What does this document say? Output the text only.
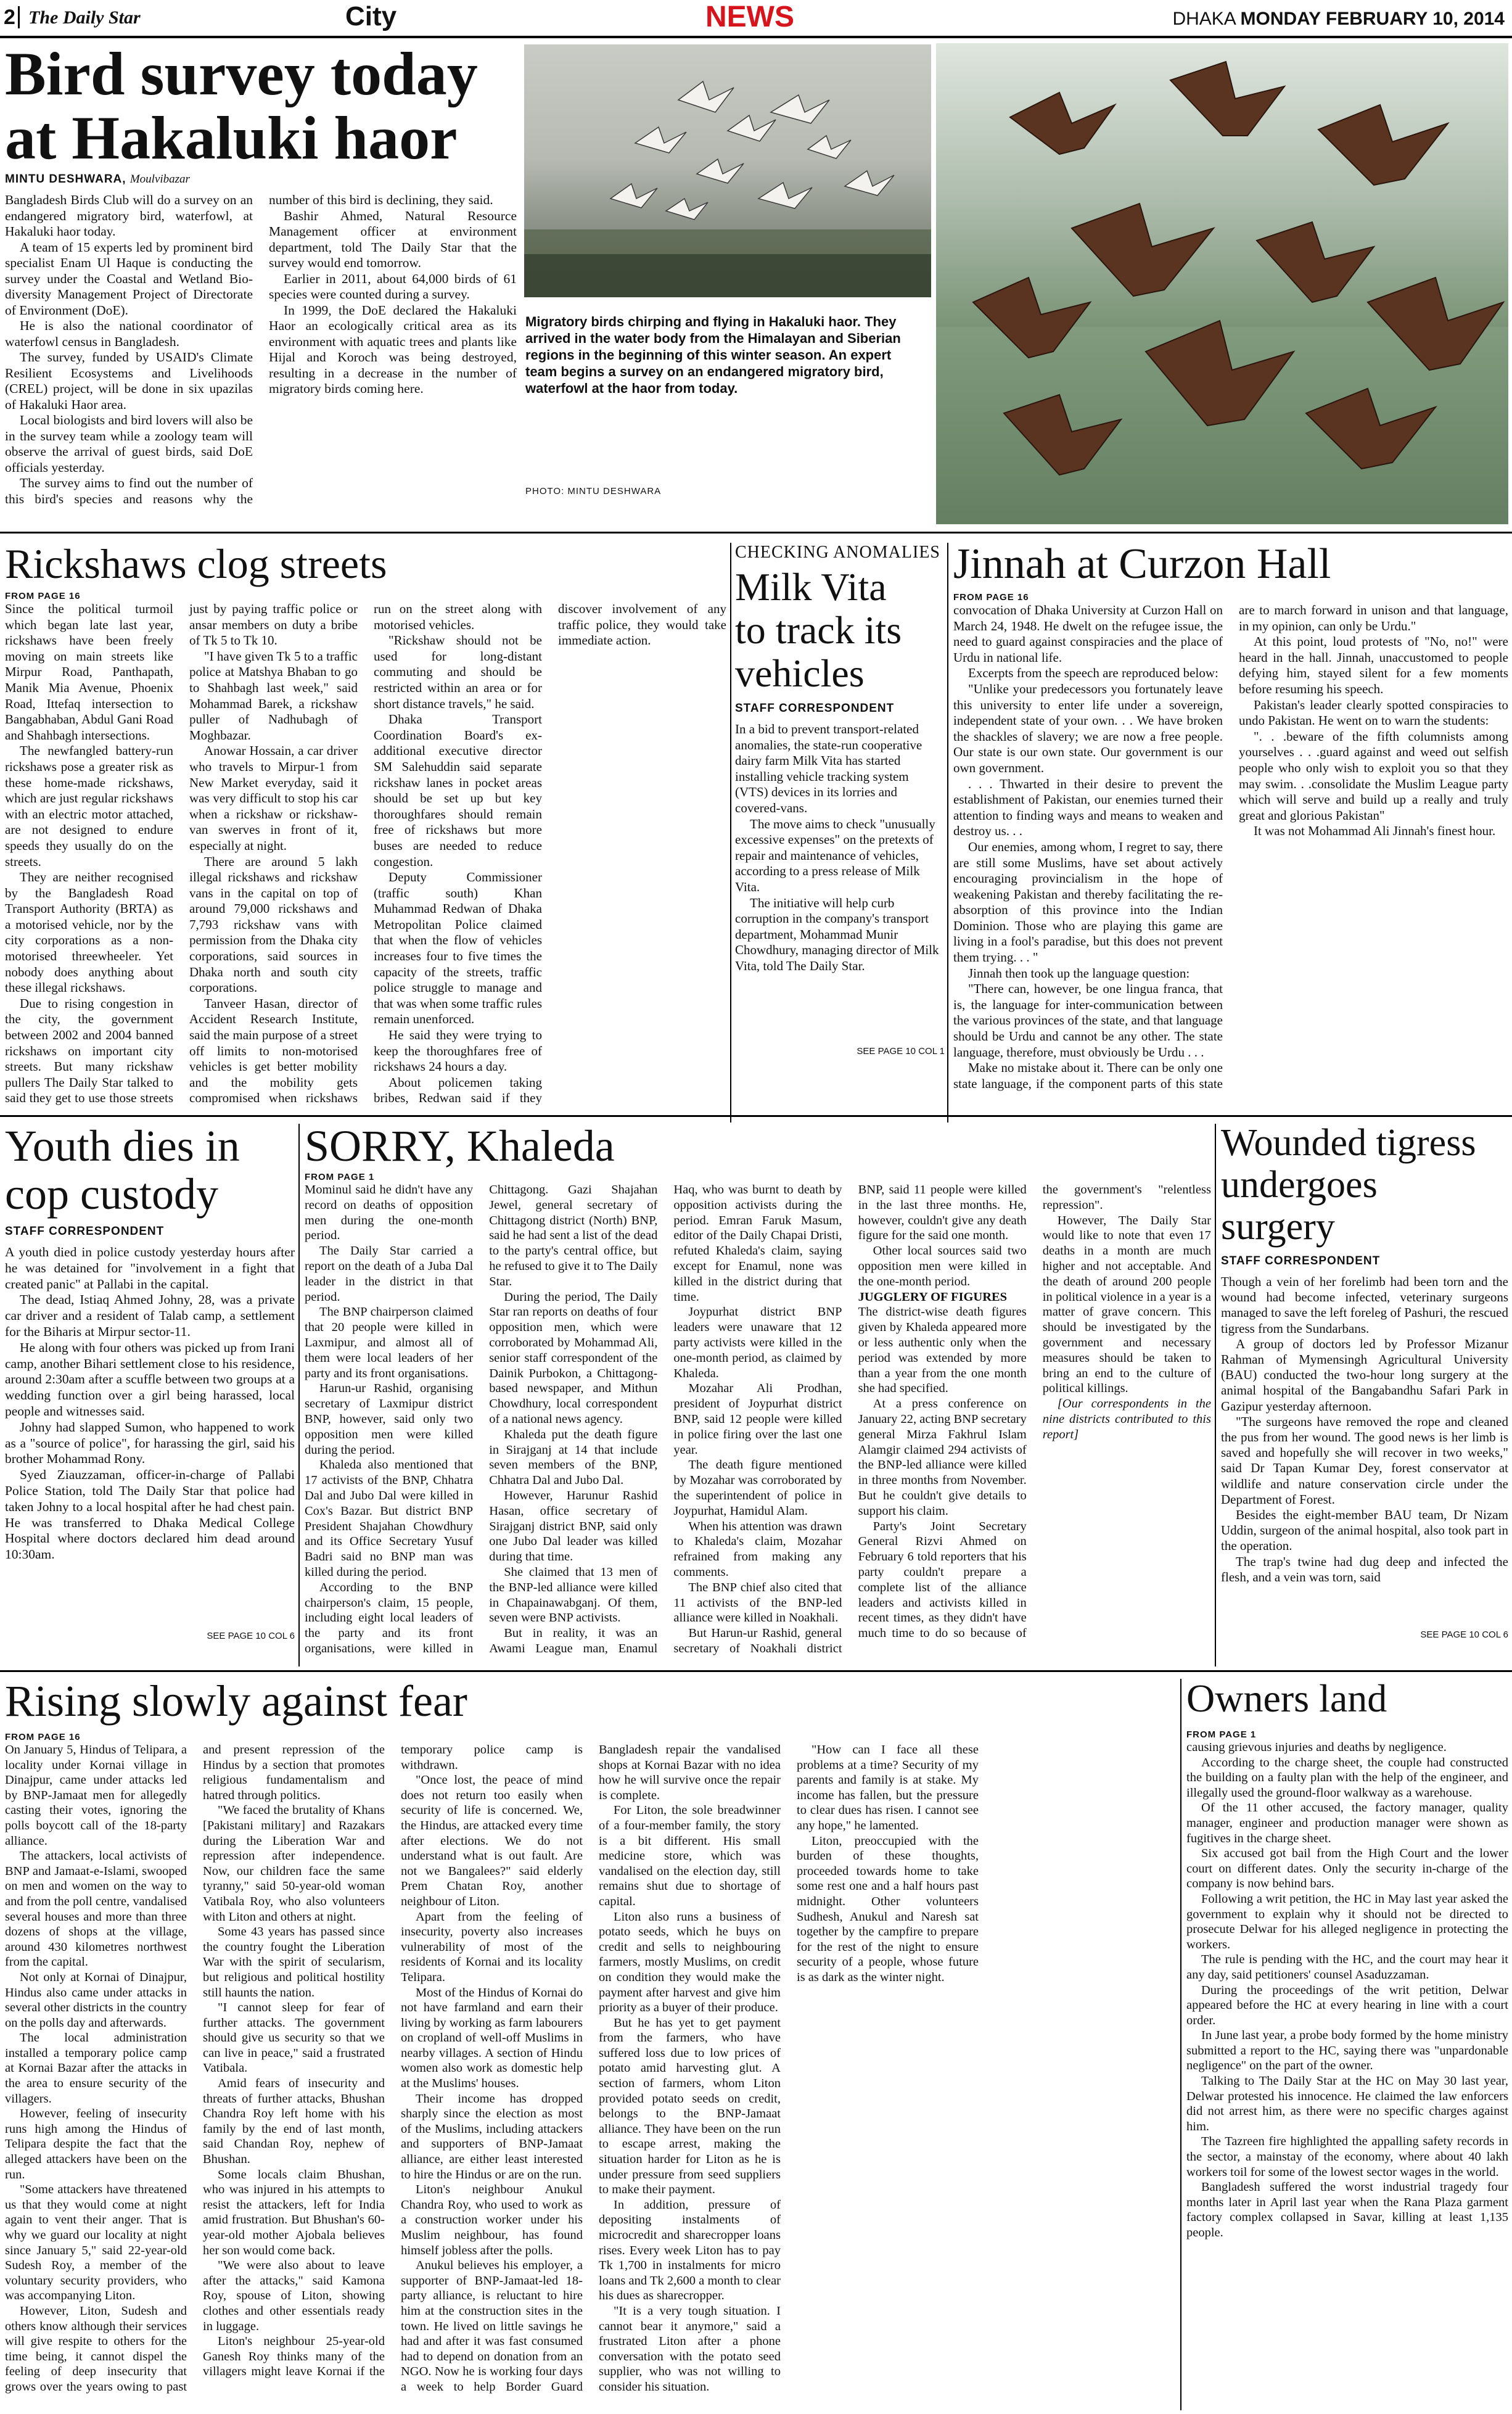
2 The Daily Star	City	NEWS	DHAKA MONDAY FEBRUARY 10, 2014
Bird survey today
at Hakaluki haor
MINTU DESHWARA, Moulvibazar

Bangladesh Birds Club will do a survey on an endangered migratory bird, waterfowl, at Hakaluki haor today.

A team of 15 experts led by prominent bird specialist Enam Ul Haque is conducting the survey under the Coastal and Wetland Bio-diversity Management Project of Directorate of Environment (DoE).

He is also the national coordinator of waterfowl census in Bangladesh.

The survey, funded by USAID's Climate Resilient Ecosystems and Livelihoods (CREL) project, will be done in six upazilas of Hakaluki Haor area.

Local biologists and bird lovers will also be in the survey team while a zoology team will observe the arrival of guest birds, said DoE officials yesterday.

The survey aims to find out the number of this bird's species and reasons why the number of this bird is declining, they said.

Bashir Ahmed, Natural Resource Management officer at environment department, told The Daily Star that the survey would end tomorrow.

Earlier in 2011, about 64,000 birds of 61 species were counted during a survey.

In 1999, the DoE declared the Hakaluki Haor an ecologically critical area as its environment with aquatic trees and plants like Hijal and Koroch was being destroyed, resulting in a decrease in the number of migratory birds coming here.

Migratory birds chirping and flying in Hakaluki haor. They arrived in the water body from the Himalayan and Siberian regions in the beginning of this winter season. An expert team begins a survey on an endangered migratory bird, waterfowl at the haor from today.
PHOTO: MINTU DESHWARA
Rickshaws clog streets
FROM PAGE 16

Since the political turmoil which began late last year, rickshaws have been freely moving on main streets like Mirpur Road, Panthapath, Manik Mia Avenue, Phoenix Road, Ittefaq intersection to Bangabhaban, Abdul Gani Road and Shahbagh intersections.

The newfangled battery-run rickshaws pose a greater risk as these home-made rickshaws, which are just regular rickshaws with an electric motor attached, are not designed to endure speeds they usually do on the streets.

They are neither recognised by the Bangladesh Road Transport Authority (BRTA) as a motorised vehicle, nor by the city corporations as a non-motorised threewheeler. Yet nobody does anything about these illegal rickshaws.

Due to rising congestion in the city, the government between 2002 and 2004 banned rickshaws on important city streets. But many rickshaw pullers The Daily Star talked to said they get to use those streets just by paying traffic police or ansar members on duty a bribe of Tk 5 to Tk 10.

"I have given Tk 5 to a traffic police at Matshya Bhaban to go to Shahbagh last week," said Mohammad Barek, a rickshaw puller of Nadhubagh of Moghbazar.

Anowar Hossain, a car driver who travels to Mirpur-1 from New Market everyday, said it was very difficult to stop his car when a rickshaw or rickshaw-van swerves in front of it, especially at night.

There are around 5 lakh illegal rickshaws and rickshaw vans in the capital on top of around 79,000 rickshaws and 7,793 rickshaw vans with permission from the Dhaka city corporations, said sources in Dhaka north and south city corporations.

Tanveer Hasan, director of Accident Research Institute, said the main purpose of a street off limits to non-motorised vehicles is get better mobility and the mobility gets compromised when rickshaws run on the street along with motorised vehicles.

"Rickshaw should not be used for long-distant commuting and should be restricted within an area or for short distance travels," he said.

Dhaka Transport Coordination Board's ex-additional executive director SM Salehuddin said separate rickshaw lanes in pocket areas should be set up but key thoroughfares should remain free of rickshaws but more buses are needed to reduce congestion.

Deputy Commissioner (traffic south) Khan Muhammad Redwan of Dhaka Metropolitan Police claimed that when the flow of vehicles increases four to five times the capacity of the streets, traffic police struggle to manage and that was when some traffic rules remain unenforced.

He said they were trying to keep the thoroughfares free of rickshaws 24 hours a day.

About policemen taking bribes, Redwan said if they discover involvement of any traffic police, they would take immediate action.

CHECKING ANOMALIES
Milk Vita
to track its
vehicles
STAFF CORRESPONDENT

In a bid to prevent transport-related anomalies, the state-run cooperative dairy farm Milk Vita has started installing vehicle tracking system (VTS) devices in its lorries and covered-vans.

The move aims to check "unusually excessive expenses" on the pretexts of repair and maintenance of vehicles, according to a press release of Milk Vita.

The initiative will help curb corruption in the company's transport department, Mohammad Munir Chowdhury, managing director of Milk Vita, told The Daily Star.

SEE PAGE 10 COL 1
Jinnah at Curzon Hall
FROM PAGE 16

convocation of Dhaka University at Curzon Hall on March 24, 1948. He dwelt on the refugee issue, the need to guard against conspiracies and the place of Urdu in national life.

Excerpts from the speech are reproduced below:

"Unlike your predecessors you fortunately leave this university to enter life under a sovereign, independent state of your own. . . We have broken the shackles of slavery; we are now a free people. Our state is our own state. Our government is our own government.

. . . Thwarted in their desire to prevent the establishment of Pakistan, our enemies turned their attention to finding ways and means to weaken and destroy us. . .

Our enemies, among whom, I regret to say, there are still some Muslims, have set about actively encouraging provincialism in the hope of weakening Pakistan and thereby facilitating the re-absorption of this province into the Indian Dominion. Those who are playing this game are living in a fool's paradise, but this does not prevent them trying. . . "

Jinnah then took up the language question:

"There can, however, be one lingua franca, that is, the language for inter-communication between the various provinces of the state, and that language should be Urdu and cannot be any other. The state language, therefore, must obviously be Urdu . . .

Make no mistake about it. There can be only one state language, if the component parts of this state are to march forward in unison and that language, in my opinion, can only be Urdu."

At this point, loud protests of "No, no!" were heard in the hall. Jinnah, unaccustomed to people defying him, stayed silent for a few moments before resuming his speech.

Pakistan's leader clearly spotted conspiracies to undo Pakistan. He went on to warn the students:

". . .beware of the fifth columnists among yourselves . . .guard against and weed out selfish people who only wish to exploit you so that they may swim. . .consolidate the Muslim League party which will serve and build up a really and truly great and glorious Pakistan"

It was not Mohammad Ali Jinnah's finest hour.

Youth dies in
cop custody
STAFF CORRESPONDENT

A youth died in police custody yesterday hours after he was detained for "involvement in a fight that created panic" at Pallabi in the capital.

The dead, Istiaq Ahmed Johny, 28, was a private car driver and a resident of Talab camp, a settlement for the Biharis at Mirpur sector-11.

He along with four others was picked up from Irani camp, another Bihari settlement close to his residence, around 2:30am after a scuffle between two groups at a wedding function over a girl being harassed, local people and witnesses said.

Johny had slapped Sumon, who happened to work as a "source of police", for harassing the girl, said his brother Mohammad Rony.

Syed Ziauzzaman, officer-in-charge of Pallabi Police Station, told The Daily Star that police had taken Johny to a local hospital after he had chest pain. He was transferred to Dhaka Medical College Hospital where doctors declared him dead around 10:30am.

SEE PAGE 10 COL 6
SORRY, Khaleda
FROM PAGE 1

Mominul said he didn't have any record on deaths of opposition men during the one-month period.

The Daily Star carried a report on the death of a Juba Dal leader in the district in that period.

The BNP chairperson claimed that 20 people were killed in Laxmipur, and almost all of them were local leaders of her party and its front organisations.

Harun-ur Rashid, organising secretary of Laxmipur district BNP, however, said only two opposition men were killed during the period.

Khaleda also mentioned that 17 activists of the BNP, Chhatra Dal and Jubo Dal were killed in Cox's Bazar. But district BNP President Shajahan Chowdhury and its Office Secretary Yusuf Badri said no BNP man was killed during the period.

According to the BNP chairperson's claim, 15 people, including eight local leaders of the party and its front organisations, were killed in Chittagong. Gazi Shajahan Jewel, general secretary of Chittagong district (North) BNP, said he had sent a list of the dead to the party's central office, but he refused to give it to The Daily Star.

During the period, The Daily Star ran reports on deaths of four opposition men, which were corroborated by Mohammad Ali, senior staff correspondent of the Dainik Purbokon, a Chittagong-based newspaper, and Mithun Chowdhury, local correspondent of a national news agency.

Khaleda put the death figure in Sirajganj at 14 that include seven members of the BNP, Chhatra Dal and Jubo Dal.

However, Harunur Rashid Hasan, office secretary of Sirajganj district BNP, said only one Jubo Dal leader was killed during that time.

She claimed that 13 men of the BNP-led alliance were killed in Chapainawabganj. Of them, seven were BNP activists.

But in reality, it was an Awami League man, Enamul Haq, who was burnt to death by opposition activists during the period. Emran Faruk Masum, editor of the Daily Chapai Dristi, refuted Khaleda's claim, saying except for Enamul, none was killed in the district during that time.

Joypurhat district BNP leaders were unaware that 12 party activists were killed in the one-month period, as claimed by Khaleda.

Mozahar Ali Prodhan, president of Joypurhat district BNP, said 12 people were killed in police firing over the last one year.

The death figure mentioned by Mozahar was corroborated by the superintendent of police in Joypurhat, Hamidul Alam.

When his attention was drawn to Khaleda's claim, Mozahar refrained from making any comments.

The BNP chief also cited that 11 activists of the BNP-led alliance were killed in Noakhali.

But Harun-ur Rashid, general secretary of Noakhali district BNP, said 11 people were killed in the last three months. He, however, couldn't give any death figure for the said one month.

Other local sources said two opposition men were killed in the one-month period.

JUGGLERY OF FIGURES

The district-wise death figures given by Khaleda appeared more or less authentic only when the period was extended by more than a year from the one month she had specified.

At a press conference on January 22, acting BNP secretary general Mirza Fakhrul Islam Alamgir claimed 294 activists of the BNP-led alliance were killed in three months from November. But he couldn't give details to support his claim.

Party's Joint Secretary General Rizvi Ahmed on February 6 told reporters that his party couldn't prepare a complete list of the alliance leaders and activists killed in recent times, as they didn't have much time to do so because of the government's "relentless repression".

However, The Daily Star would like to note that even 17 deaths in a month are much higher and not acceptable. And the death of around 200 people in political violence in a year is a matter of grave concern. This should be investigated by the government and necessary measures should be taken to bring an end to the culture of political killings.

[Our correspondents in the nine districts contributed to this report]

Wounded tigress
undergoes
surgery
STAFF CORRESPONDENT

Though a vein of her forelimb had been torn and the wound had become infected, veterinary surgeons managed to save the left foreleg of Pashuri, the rescued tigress from the Sundarbans.

A group of doctors led by Professor Mizanur Rahman of Mymensingh Agricultural University (BAU) conducted the two-hour long surgery at the animal hospital of the Bangabandhu Safari Park in Gazipur yesterday afternoon.

"The surgeons have removed the rope and cleaned the pus from her wound. The good news is her limb is saved and hopefully she will recover in two weeks," said Dr Tapan Kumar Dey, forest conservator at wildlife and nature conservation circle under the Department of Forest.

Besides the eight-member BAU team, Dr Nizam Uddin, surgeon of the animal hospital, also took part in the operation.

The trap's twine had dug deep and infected the flesh, and a vein was torn, said

SEE PAGE 10 COL 6
Rising slowly against fear
FROM PAGE 16

On January 5, Hindus of Telipara, a locality under Kornai village in Dinajpur, came under attacks led by BNP-Jamaat men for allegedly casting their votes, ignoring the polls boycott call of the 18-party alliance.

The attackers, local activists of BNP and Jamaat-e-Islami, swooped on men and women on the way to and from the poll centre, vandalised several houses and more than three dozens of shops at the village, around 430 kilometres northwest from the capital.

Not only at Kornai of Dinajpur, Hindus also came under attacks in several other districts in the country on the polls day and afterwards.

The local administration installed a temporary police camp at Kornai Bazar after the attacks in the area to ensure security of the villagers.

However, feeling of insecurity runs high among the Hindus of Telipara despite the fact that the alleged attackers have been on the run.

"Some attackers have threatened us that they would come at night again to vent their anger. That is why we guard our locality at night since January 5," said 22-year-old Sudesh Roy, a member of the voluntary security providers, who was accompanying Liton.

However, Liton, Sudesh and others know although their services will give respite to others for the time being, it cannot dispel the feeling of deep insecurity that grows over the years owing to past and present repression of the Hindus by a section that promotes religious fundamentalism and hatred through politics.

"We faced the brutality of Khans [Pakistani military] and Razakars during the Liberation War and repression after independence. Now, our children face the same tyranny," said 50-year-old woman Vatibala Roy, who also volunteers with Liton and others at night.

Some 43 years has passed since the country fought the Liberation War with the spirit of secularism, but religious and political hostility still haunts the nation.

"I cannot sleep for fear of further attacks. The government should give us security so that we can live in peace," said a frustrated Vatibala.

Amid fears of insecurity and threats of further attacks, Bhushan Chandra Roy left home with his family by the end of last month, said Chandan Roy, nephew of Bhushan.

Some locals claim Bhushan, who was injured in his attempts to resist the attackers, left for India amid frustration. But Bhushan's 60-year-old mother Ajobala believes her son would come back.

"We were also about to leave after the attacks," said Kamona Roy, spouse of Liton, showing clothes and other essentials ready in luggage.

Liton's neighbour 25-year-old Ganesh Roy thinks many of the villagers might leave Kornai if the temporary police camp is withdrawn.

"Once lost, the peace of mind does not return too easily when security of life is concerned. We, the Hindus, are attacked every time after elections. We do not understand what is out fault. Are not we Bangalees?" said elderly Prem Chatan Roy, another neighbour of Liton.

Apart from the feeling of insecurity, poverty also increases vulnerability of most of the residents of Kornai and its locality Telipara.

Most of the Hindus of Kornai do not have farmland and earn their living by working as farm labourers on cropland of well-off Muslims in nearby villages. A section of Hindu women also work as domestic help at the Muslims' houses.

Their income has dropped sharply since the election as most of the Muslims, including attackers and supporters of BNP-Jamaat alliance, are either least interested to hire the Hindus or are on the run.

Liton's neighbour Anukul Chandra Roy, who used to work as a construction worker under his Muslim neighbour, has found himself jobless after the polls.

Anukul believes his employer, a supporter of BNP-Jamaat-led 18-party alliance, is reluctant to hire him at the construction sites in the town. He lived on little savings he had and after it was fast consumed had to depend on donation from an NGO. Now he is working four days a week to help Border Guard Bangladesh repair the vandalised shops at Kornai Bazar with no idea how he will survive once the repair is complete.

For Liton, the sole breadwinner of a four-member family, the story is a bit different. His small medicine store, which was vandalised on the election day, still remains shut due to shortage of capital.

Liton also runs a business of potato seeds, which he buys on credit and sells to neighbouring farmers, mostly Muslims, on credit on condition they would make the payment after harvest and give him priority as a buyer of their produce.

But he has yet to get payment from the farmers, who have suffered loss due to low prices of potato amid harvesting glut. A section of farmers, whom Liton provided potato seeds on credit, belongs to the BNP-Jamaat alliance. They have been on the run to escape arrest, making the situation harder for Liton as he is under pressure from seed suppliers to make their payment.

In addition, pressure of depositing instalments of microcredit and sharecropper loans rises. Every week Liton has to pay Tk 1,700 in instalments for micro loans and Tk 2,600 a month to clear his dues as sharecropper.

"It is a very tough situation. I cannot bear it anymore," said a frustrated Liton after a phone conversation with the potato seed supplier, who was not willing to consider his situation.

"How can I face all these problems at a time? Security of my parents and family is at stake. My income has fallen, but the pressure to clear dues has risen. I cannot see any hope," he lamented.

Liton, preoccupied with the burden of these thoughts, proceeded towards home to take some rest one and a half hours past midnight. Other volunteers Sudhesh, Anukul and Naresh sat together by the campfire to prepare for the rest of the night to ensure security of a people, whose future is as dark as the winter night.

Owners land
FROM PAGE 1

causing grievous injuries and deaths by negligence.

According to the charge sheet, the couple had constructed the building on a faulty plan with the help of the engineer, and illegally used the ground-floor walkway as a warehouse.

Of the 11 other accused, the factory manager, quality manager, engineer and production manager were shown as fugitives in the charge sheet.

Six accused got bail from the High Court and the lower court on different dates. Only the security in-charge of the company is now behind bars.

Following a writ petition, the HC in May last year asked the government to explain why it should not be directed to prosecute Delwar for his alleged negligence in protecting the workers.

The rule is pending with the HC, and the court may hear it any day, said petitioners' counsel Asaduzzaman.

During the proceedings of the writ petition, Delwar appeared before the HC at every hearing in line with a court order.

In June last year, a probe body formed by the home ministry submitted a report to the HC, saying there was "unpardonable negligence" on the part of the owner.

Talking to The Daily Star at the HC on May 30 last year, Delwar protested his innocence. He claimed the law enforcers did not arrest him, as there were no specific charges against him.

The Tazreen fire highlighted the appalling safety records in the sector, a mainstay of the economy, where about 40 lakh workers toil for some of the lowest sector wages in the world.

Bangladesh suffered the worst industrial tragedy four months later in April last year when the Rana Plaza garment factory complex collapsed in Savar, killing at least 1,135 people.
